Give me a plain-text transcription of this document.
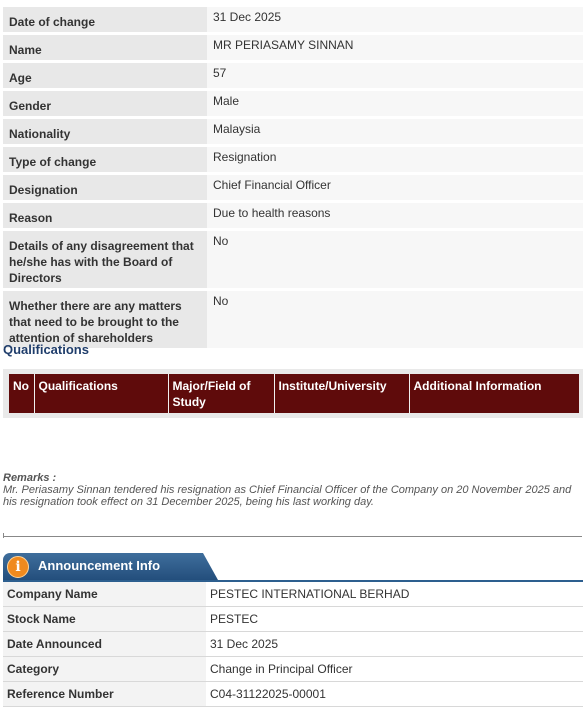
Date of change	31 Dec 2025
Name	MR PERIASAMY SINNAN
Age	57
Gender	Male
Nationality	Malaysia
Type of change	Resignation
Designation	Chief Financial Officer
Reason	Due to health reasons
Details of any disagreement that he/she has with the Board of Directors	No
Whether there are any matters that need to be brought to the attention of shareholders	No
Qualifications
No	Qualifications	Major/Field of Study	Institute/University	Additional Information
Remarks :
Mr. Periasamy Sinnan tendered his resignation as Chief Financial Officer of the Company on 20 November 2025 and his resignation took effect on 31 December 2025, being his last working day.
i	Announcement Info
Company Name	PESTEC INTERNATIONAL BERHAD
Stock Name	PESTEC
Date Announced	31 Dec 2025
Category	Change in Principal Officer
Reference Number	C04-31122025-00001
